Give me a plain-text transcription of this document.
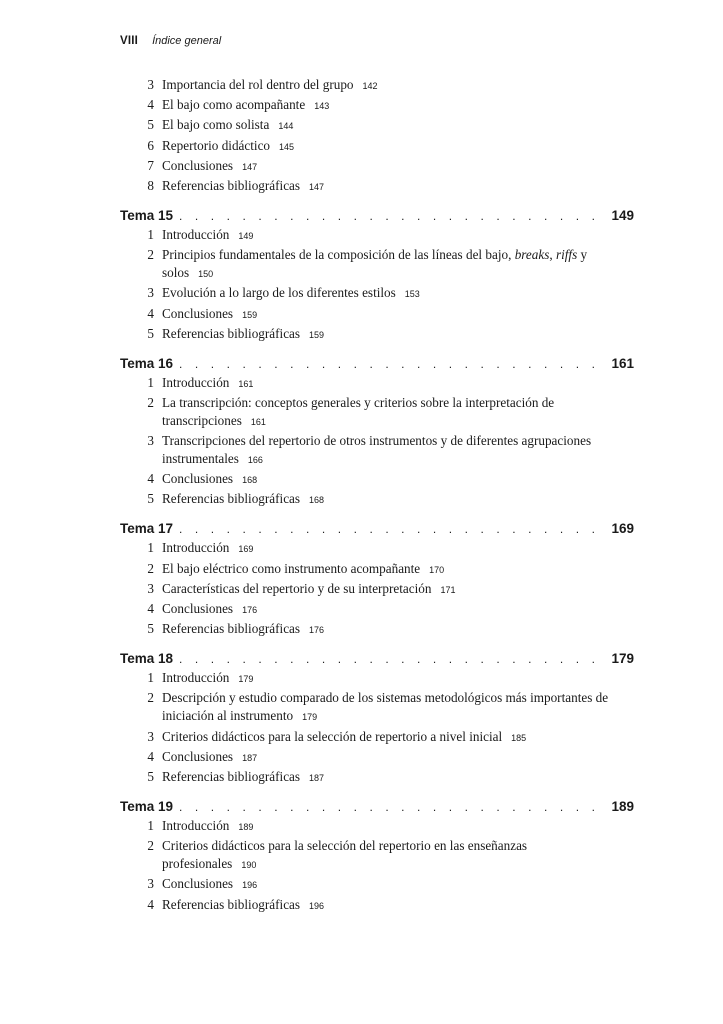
VIII Índice general
3 Importancia del rol dentro del grupo 142
4 El bajo como acompañante 143
5 El bajo como solista 144
6 Repertorio didáctico 145
7 Conclusiones 147
8 Referencias bibliográficas 147
Tema 15 . . .	149
1 Introducción 149
2 Principios fundamentales de la composición de las líneas del bajo, breaks, riffs y solos 150
3 Evolución a lo largo de los diferentes estilos 153
4 Conclusiones 159
5 Referencias bibliográficas 159
Tema 16 . . .	161
1 Introducción 161
2 La transcripción: conceptos generales y criterios sobre la interpretación de transcripciones 161
3 Transcripciones del repertorio de otros instrumentos y de diferentes agrupaciones instrumentales 166
4 Conclusiones 168
5 Referencias bibliográficas 168
Tema 17 . . .	169
1 Introducción 169
2 El bajo eléctrico como instrumento acompañante 170
3 Características del repertorio y de su interpretación 171
4 Conclusiones 176
5 Referencias bibliográficas 176
Tema 18 . . .	179
1 Introducción 179
2 Descripción y estudio comparado de los sistemas metodológicos más importantes de iniciación al instrumento 179
3 Criterios didácticos para la selección de repertorio a nivel inicial 185
4 Conclusiones 187
5 Referencias bibliográficas 187
Tema 19 . . .	189
1 Introducción 189
2 Criterios didácticos para la selección del repertorio en las enseñanzas profesionales 190
3 Conclusiones 196
4 Referencias bibliográficas 196
